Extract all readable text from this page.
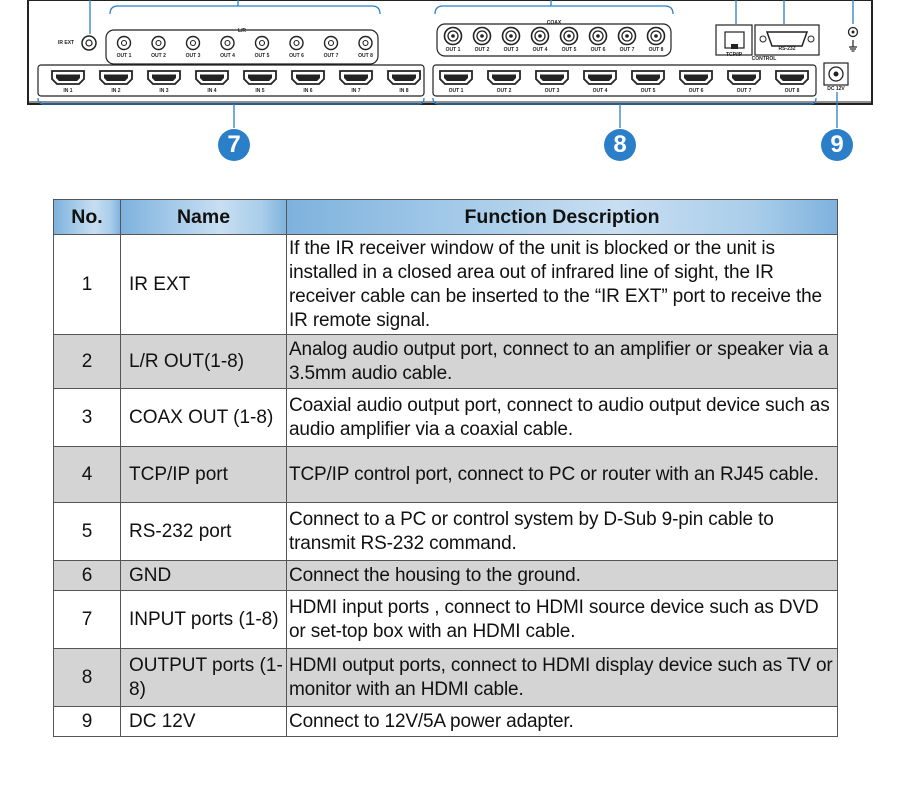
IR EXT
L/R
COAX
TCP/IP
RS-232
CONTROL
DC 12V
OUT 1	OUT 2	OUT 3	OUT 4	OUT 5	OUT 6	OUT 7	OUT 8
OUT 1	OUT 2	OUT 3	OUT 4	OUT 5	OUT 6	OUT 7	OUT 8
IN 1	IN 2	IN 3	IN 4	IN 5	IN 6	IN 7	IN 8	OUT 1	OUT 2	OUT 3	OUT 4	OUT 5	OUT 6	OUT 7	OUT 8
7	8	9
No.	Name	Function Description
1	IR EXT	If the IR receiver window of the unit is blocked or the unit is installed in a closed area out of infrared line of sight, the IR receiver cable can be inserted to the “IR EXT” port to receive the IR remote signal.
2	L/R OUT(1-8)	Analog audio output port, connect to an amplifier or speaker via a 3.5mm audio cable.
3	COAX OUT (1-8)	Coaxial audio output port, connect to audio output device such as audio amplifier via a coaxial cable.
4	TCP/IP port	TCP/IP control port, connect to PC or router with an RJ45 cable.
5	RS-232 port	Connect to a PC or control system by D-Sub 9-pin cable to transmit RS-232 command.
6	GND	Connect the housing to the ground.
7	INPUT ports (1-8)	HDMI input ports , connect to HDMI source device such as DVD or set-top box with an HDMI cable.
8	OUTPUT ports (1-8)	HDMI output ports, connect to HDMI display device such as TV or monitor with an HDMI cable.
9	DC 12V	Connect to 12V/5A power adapter.
